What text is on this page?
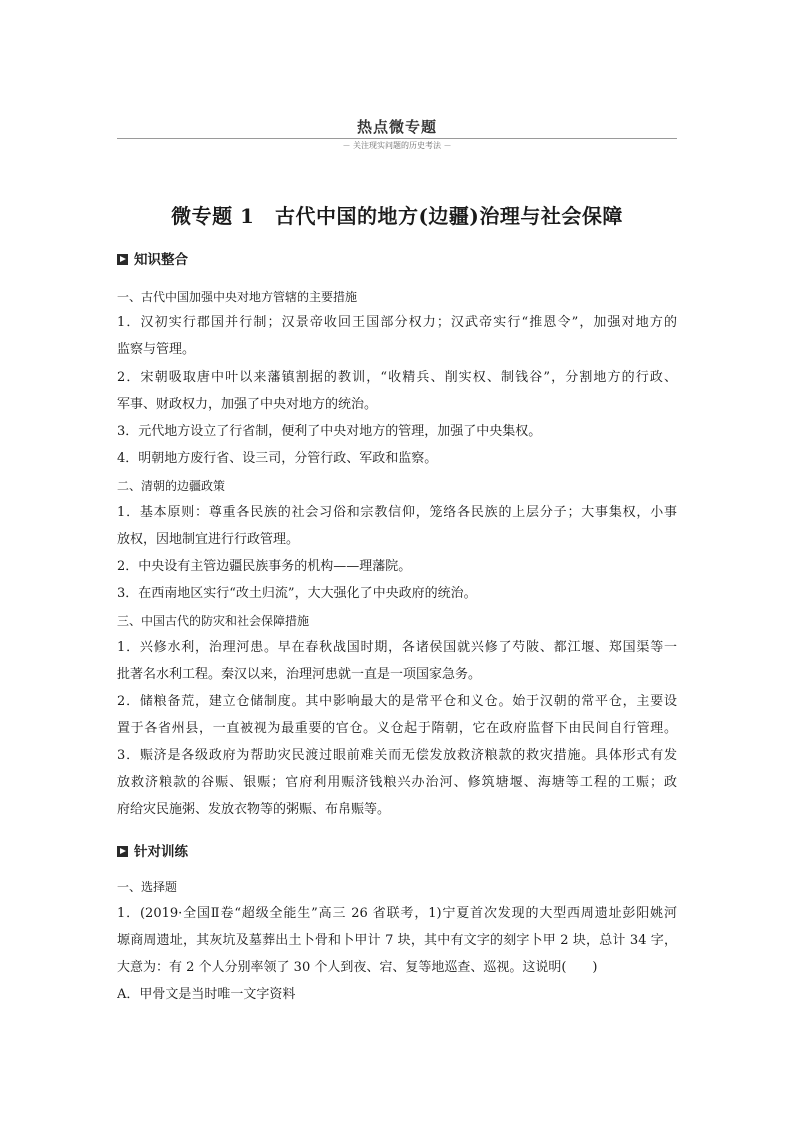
热点微专题
－ 关注现实问题的历史考法 －
微专题 1　古代中国的地方(边疆)治理与社会保障
知识整合
一、古代中国加强中央对地方管辖的主要措施
1．汉初实行郡国并行制；汉景帝收回王国部分权力；汉武帝实行“推恩令”，加强对地方的
监察与管理。
2．宋朝吸取唐中叶以来藩镇割据的教训，“收精兵、削实权、制钱谷”，分割地方的行政、
军事、财政权力，加强了中央对地方的统治。
3．元代地方设立了行省制，便利了中央对地方的管理，加强了中央集权。
4．明朝地方废行省、设三司，分管行政、军政和监察。
二、清朝的边疆政策
1．基本原则：尊重各民族的社会习俗和宗教信仰，笼络各民族的上层分子；大事集权，小事
放权，因地制宜进行行政管理。
2．中央设有主管边疆民族事务的机构——理藩院。
3．在西南地区实行“改土归流”，大大强化了中央政府的统治。
三、中国古代的防灾和社会保障措施
1．兴修水利，治理河患。早在春秋战国时期，各诸侯国就兴修了芍陂、都江堰、郑国渠等一
批著名水利工程。秦汉以来，治理河患就一直是一项国家急务。
2．储粮备荒，建立仓储制度。其中影响最大的是常平仓和义仓。始于汉朝的常平仓，主要设
置于各省州县，一直被视为最重要的官仓。义仓起于隋朝，它在政府监督下由民间自行管理。
3．赈济是各级政府为帮助灾民渡过眼前难关而无偿发放救济粮款的救灾措施。具体形式有发
放救济粮款的谷赈、银赈；官府利用赈济钱粮兴办治河、修筑塘堰、海塘等工程的工赈；政
府给灾民施粥、发放衣物等的粥赈、布帛赈等。
针对训练
一、选择题
1．(2019·全国Ⅱ卷“超级全能生”高三 26 省联考，1)宁夏首次发现的大型西周遗址彭阳姚河
塬商周遗址，其灰坑及墓葬出土卜骨和卜甲计 7 块，其中有文字的刻字卜甲 2 块，总计 34 字，
大意为：有 2 个人分别率领了 30 个人到夜、宕、复等地巡查、巡视。这说明(　　)
A．甲骨文是当时唯一文字资料
